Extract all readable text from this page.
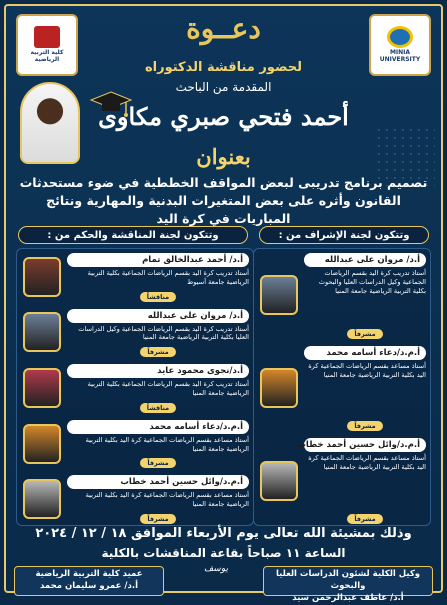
كلية التربية الرياضية
MINIA UNIVERSITY
دعــوة
لحضور مناقشة الدكتوراه
المقدمة من الباحث
أحمد فتحي صبري مكاوى
بعنوان
تصميم برنامج تدريبى لبعض المواقف الخططية في ضوء مستحدثات القانون وأثره على بعض المتغيرات البدنية والمهارية ونتائج المباريات في كرة اليد
وتتكون لجنة الإشراف من :
وتتكون لجنة المناقشة والحكم من :
أ.د/ مروان على عبدالله
أستاذ تدريب كرة اليد بقسم الرياضات الجماعية وكيل الدراسات العليا والبحوث بكلية التربية الرياضية جامعة المنيا
مشرفاً
أ.م.د/دعاء أسامه محمد
أستاذ مساعد بقسم الرياضات الجماعية كرة اليد بكلية التربية الرياضية جامعة المنيا
مشرفاً
أ.م.د/وائل حسين أحمد خطاب
أستاذ مساعد بقسم الرياضات الجماعية كرة اليد بكلية التربية الرياضية جامعة المنيا
مشرفاً
أ.د/ أحمد عبدالخالق تمام
أستاذ تدريب كرة اليد بقسم الرياضات الجماعية بكلية التربية الرياضية جامعة أسيوط
مناقشاً
أ.د/ مروان على عبدالله
أستاذ تدريب كرة اليد بقسم الرياضات الجماعية وكيل الدراسات العليا بكلية التربية الرياضية جامعة المنيا
مشرفاً
أ.د/نجوى محمود عايد
أستاذ تدريب كرة اليد بقسم الرياضات الجماعية بكلية التربية الرياضية جامعة المنيا
مناقشاً
أ.م.د/دعاء أسامه محمد
أستاذ مساعد بقسم الرياضات الجماعية كرة اليد بكلية التربية الرياضية جامعة المنيا
مشرفاً
أ.م.د/وائل حسين أحمد خطاب
أستاذ مساعد بقسم الرياضات الجماعية كرة اليد بكلية التربية الرياضية جامعة المنيا
مشرفاً
وذلك بمشيئة الله تعالى يوم الأربعاء الموافق ١٨ / ١٢ / ٢٠٢٤
الساعة ١١ صباحاً بقاعة المناقشات بالكلية
وكيل الكلية لشئون الدراسات العليا والبحوث
أ.د/ عاطف عبدالرحمن سيد
يوسف
عميد كلية التربية الرياضية
أ.د/ عمرو سليمان محمد
